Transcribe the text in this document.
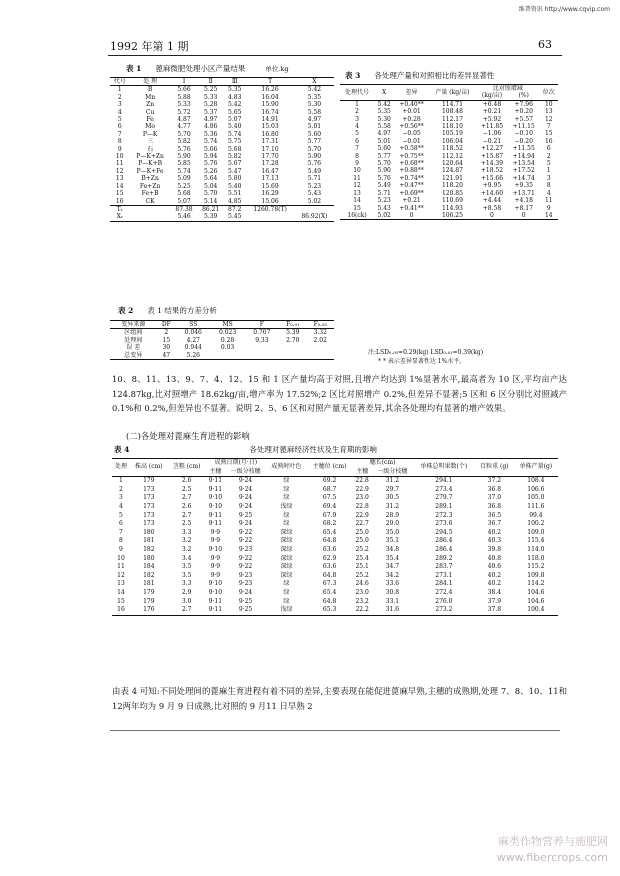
维普资讯 http://www.cqvip.com
1992 年第 1 期	63
表 1 蓖麻微肥处理小区产量结果	单位.kg
代号	处 理	I	Ⅱ	Ⅲ	T	X
1	B	5.66	5.25	5.35	16.26	5.42
2	Mn	5.88	5.33	4.83	16.04	5.35
3	Zn	5.33	5.28	5.42	15.90	5.30
4	Cu	5.72	5.37	5.65	16.74	5.58
5	Fe	4.87	4.97	5.07	14.91	4.97
6	Mo	4.77	4.86	5.40	15.03	5.01
7	P—K	5.70	5.36	5.74	16.80	5.60
8	三	5.82	5.74	5.75	17.31	5.77
9	石	5.76	5.66	5.68	17.10	5.70
10	P—K+Zn	5.90	5.94	5.82	17.70	5.90
11	P—K+B	5.85	5.76	5.67	17.28	5.76
12	P—K+Fe	5.74	5.26	5.47	16.47	5.49
13	B+Zn	5.09	5.64	5.80	17.13	5.71
14	Fe+Zn	5.25	5.04	5.40	15.69	5.23
15	Fe+B	5.68	5.70	5.51	16.29	5.43
16	CK	5.07	5.14	4.85	15.06	5.02
Tᵣ		87.38	86.21	87.2	1260.78(T)	
Xᵣ		5.46	5.39	5.45		86.92(X)
表 2 表 1 结果的方差分析
变异来源	DF	SS	MS	F	F₀.₀₁	F₀.₀₅
区组间	2	0.046	0.023	0.767	5.39	3.32
处理间	15	4.27	0.28	9.33	2.70	2.02
误 差	30	0.944	0.03			
总变异	47	5.26				
表 3 各处理产量和对照相比的差异显著性
处理代号	X	差异	产量 (kg/亩)	比对照增减		位次
				(kg/亩)	(%)	
1	5.42	+0.40**	114.71	+6.48	+7.96	10
2	5.35	+0.01	108.48	+0.21	+0.20	13
3	5.30	+0.28	112.17	+5.92	+5.57	12
4	5.58	+0.56**	118.10	+11.85	+11.15	7
5	4.97	−0.05	105.19	−1.06	−0.10	15
6	5.01	−0.01	106.04	−0.21	−0.20	16
7	5.60	+0.58**	118.52	+12.27	+11.55	6
8	5.77	+0.75**	112.12	+15.87	+14.94	2
9	5.70	+0.68**	120.64	+14.39	+13.54	5
10	5.90	+0.88**	124.87	+18.52	+17.52	1
11	5.76	+0.74**	121.91	+15.66	+14.74	3
12	5.49	+0.47**	118.20	+9.95	+9.35	8
13	5.71	+0.69**	120.85	+14.60	+13.71	4
14	5.23	+0.21	110.69	+4.44	+4.18	11
15	5.43	+0.41**	114.93	+8.58	+8.17	9
16(ck)	5.02	0	106.25	0	0	14
注:LSD₀.₀₅=0.29(kg) LSD₀.₀₁=0.39(kg)
* * 表示差异显著性达 1%水平。
10、8、11、13、9、7、4、12、15 和 1 区产量均高于对照,且增产均达到 1%显著水平,最高者为 10 区,平均亩产达 124.87kg,比对照增产 18.62kg/亩,增产率为 17.52%;2 区比对照增产 0.2%,但差异不显著;5 区和 6 区分别比对照减产 0.1%和 0.2%,但差异也不显著。说明 2、5、6 区和对照产量无显著差异,其余各处理均有显著的增产效果。
(二)各处理对蓖麻生育进程的影响
表 4	各处理对蓖麻经济性状及生育期的影响
处理	株高 (cm)	茎粗 (cm)	成熟日期(月·日)		成熟时叶色	主穗位 (cm)	穗长(cm)		单株总明果数(个)	百粒重 (g)	单株产量(g)
			主穗	一级分枝穗			主穗	一级分枝穗			
1	179	2.6	9·11	9·24	绿	69.2	22.8	31.2	294.1	37.2	108.4
2	173	2.5	9·11	9·24	绿	68.7	22.9	29.7	273.4	36.8	106.6
3	173	2.7	9·10	9·24	绿	67.5	23.0	30.5	279.7	37.0	105.0
4	173	2.6	9·10	9·24	浅绿	69.4	22.8	31.2	289.1	36.8	111.6
5	173	2.7	9·11	9·25	绿	67.9	22.9	28.9	272.3	36.5	99.4
6	173	2.5	9·11	9·24	绿	68.2	22.7	29.0	273.6	36.7	100.2
7	180	3.3	9·9	9·22	深绿	65.4	25.0	35.0	294.5	40.2	109.0
8	181	3.2	9·9	9·22	深绿	64.8	25.0	35.1	286.4	40.3	115.4
9	182	3.2	9·10	9·23	深绿	63.6	25.2	34.8	286.4	39.8	114.0
10	180	3.4	9·9	9·22	深绿	62.9	25.4	35.4	289.2	40.8	118.0
11	184	3.5	9·9	9·22	深绿	63.6	25.1	34.7	283.7	40.6	115.2
12	182	3.5	9·9	9·23	深绿	64.8	25.2	34.2	273.1	40.2	109.8
13	181	3.3	9·10	9·23	绿	67.3	24.6	33.6	284.1	40.2	114.2
14	179	2.9	9·10	9·24	绿	65.4	23.0	30.8	272.4	38.4	104.6
15	179	3.0	9·11	9·25	绿	64.8	23.2	33.1	276.0	37.9	104.6
16	176	2.7	9·11	9·25	浅绿	65.3	22.2	31.6	273.2	37.8	100.4
由表 4 可知:不同处理间的蓖麻生育进程有着不同的差异,主要表现在能促进蓖麻早熟,主穗的成熟期,处理 7、8、10、11和12两年均为 9 月 9 日成熟,比对照的 9 月11 日早熟 2
麻类作物营养与施肥网
www.fibercrops.com
